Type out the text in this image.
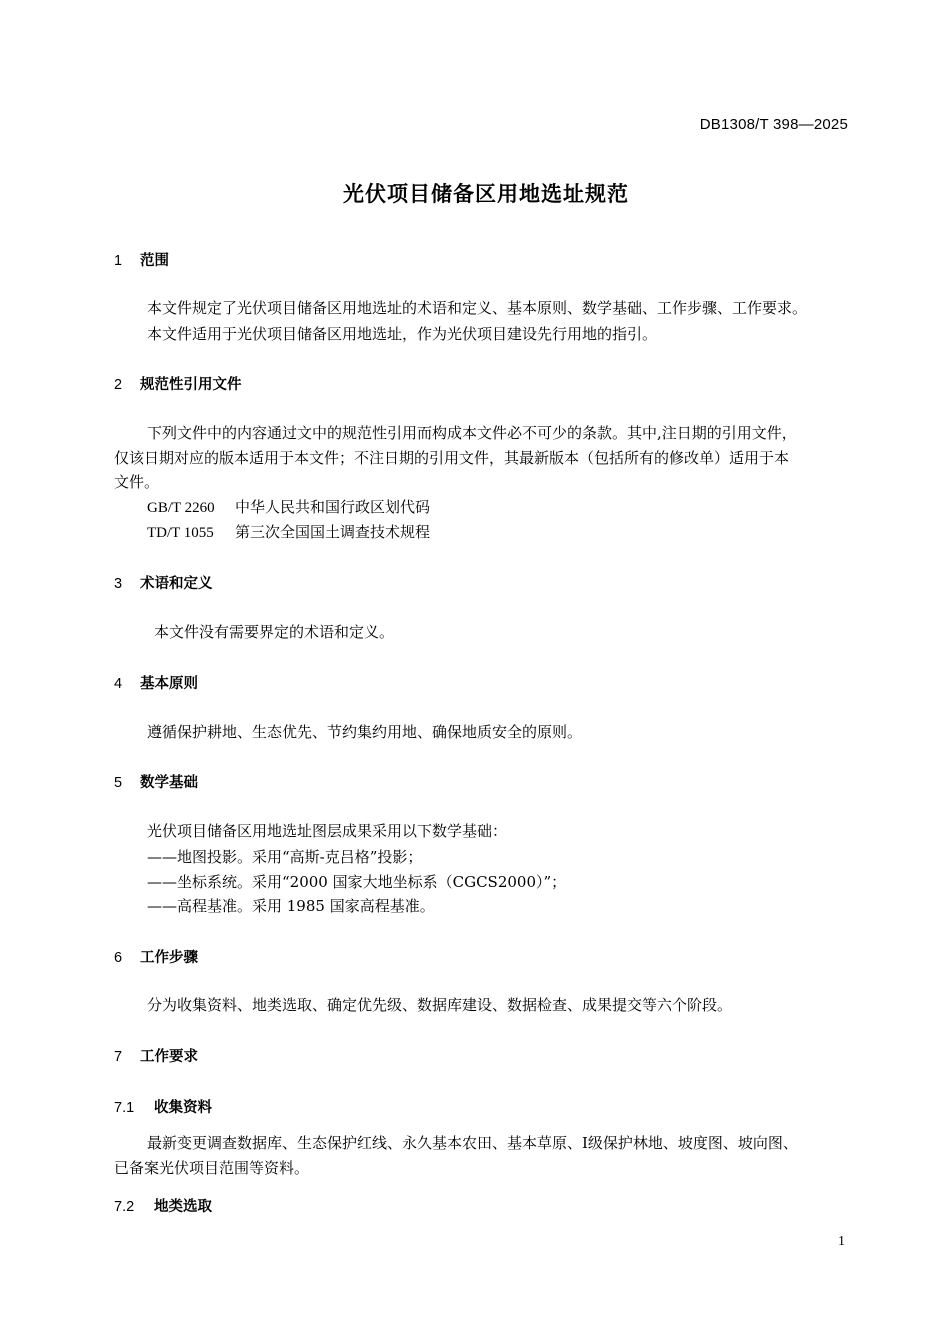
DB1308/T 398—2025
光伏项目储备区用地选址规范
1 范围
本文件规定了光伏项目储备区用地选址的术语和定义、基本原则、数学基础、工作步骤、工作要求。
本文件适用于光伏项目储备区用地选址，作为光伏项目建设先行用地的指引。
2 规范性引用文件
下列文件中的内容通过文中的规范性引用而构成本文件必不可少的条款。其中,注日期的引用文件，
仅该日期对应的版本适用于本文件；不注日期的引用文件，其最新版本（包括所有的修改单）适用于本
文件。
GB/T 2260 中华人民共和国行政区划代码
TD/T 1055 第三次全国国土调查技术规程
3 术语和定义
本文件没有需要界定的术语和定义。
4 基本原则
遵循保护耕地、生态优先、节约集约用地、确保地质安全的原则。
5 数学基础
光伏项目储备区用地选址图层成果采用以下数学基础：
——地图投影。采用“高斯-克吕格”投影；
——坐标系统。采用“2000 国家大地坐标系（CGCS2000）”；
——高程基准。采用 1985 国家高程基准。
6 工作步骤
分为收集资料、地类选取、确定优先级、数据库建设、数据检查、成果提交等六个阶段。
7 工作要求
7.1 收集资料
最新变更调查数据库、生态保护红线、永久基本农田、基本草原、Ⅰ级保护林地、坡度图、坡向图、
已备案光伏项目范围等资料。
7.2 地类选取
1
